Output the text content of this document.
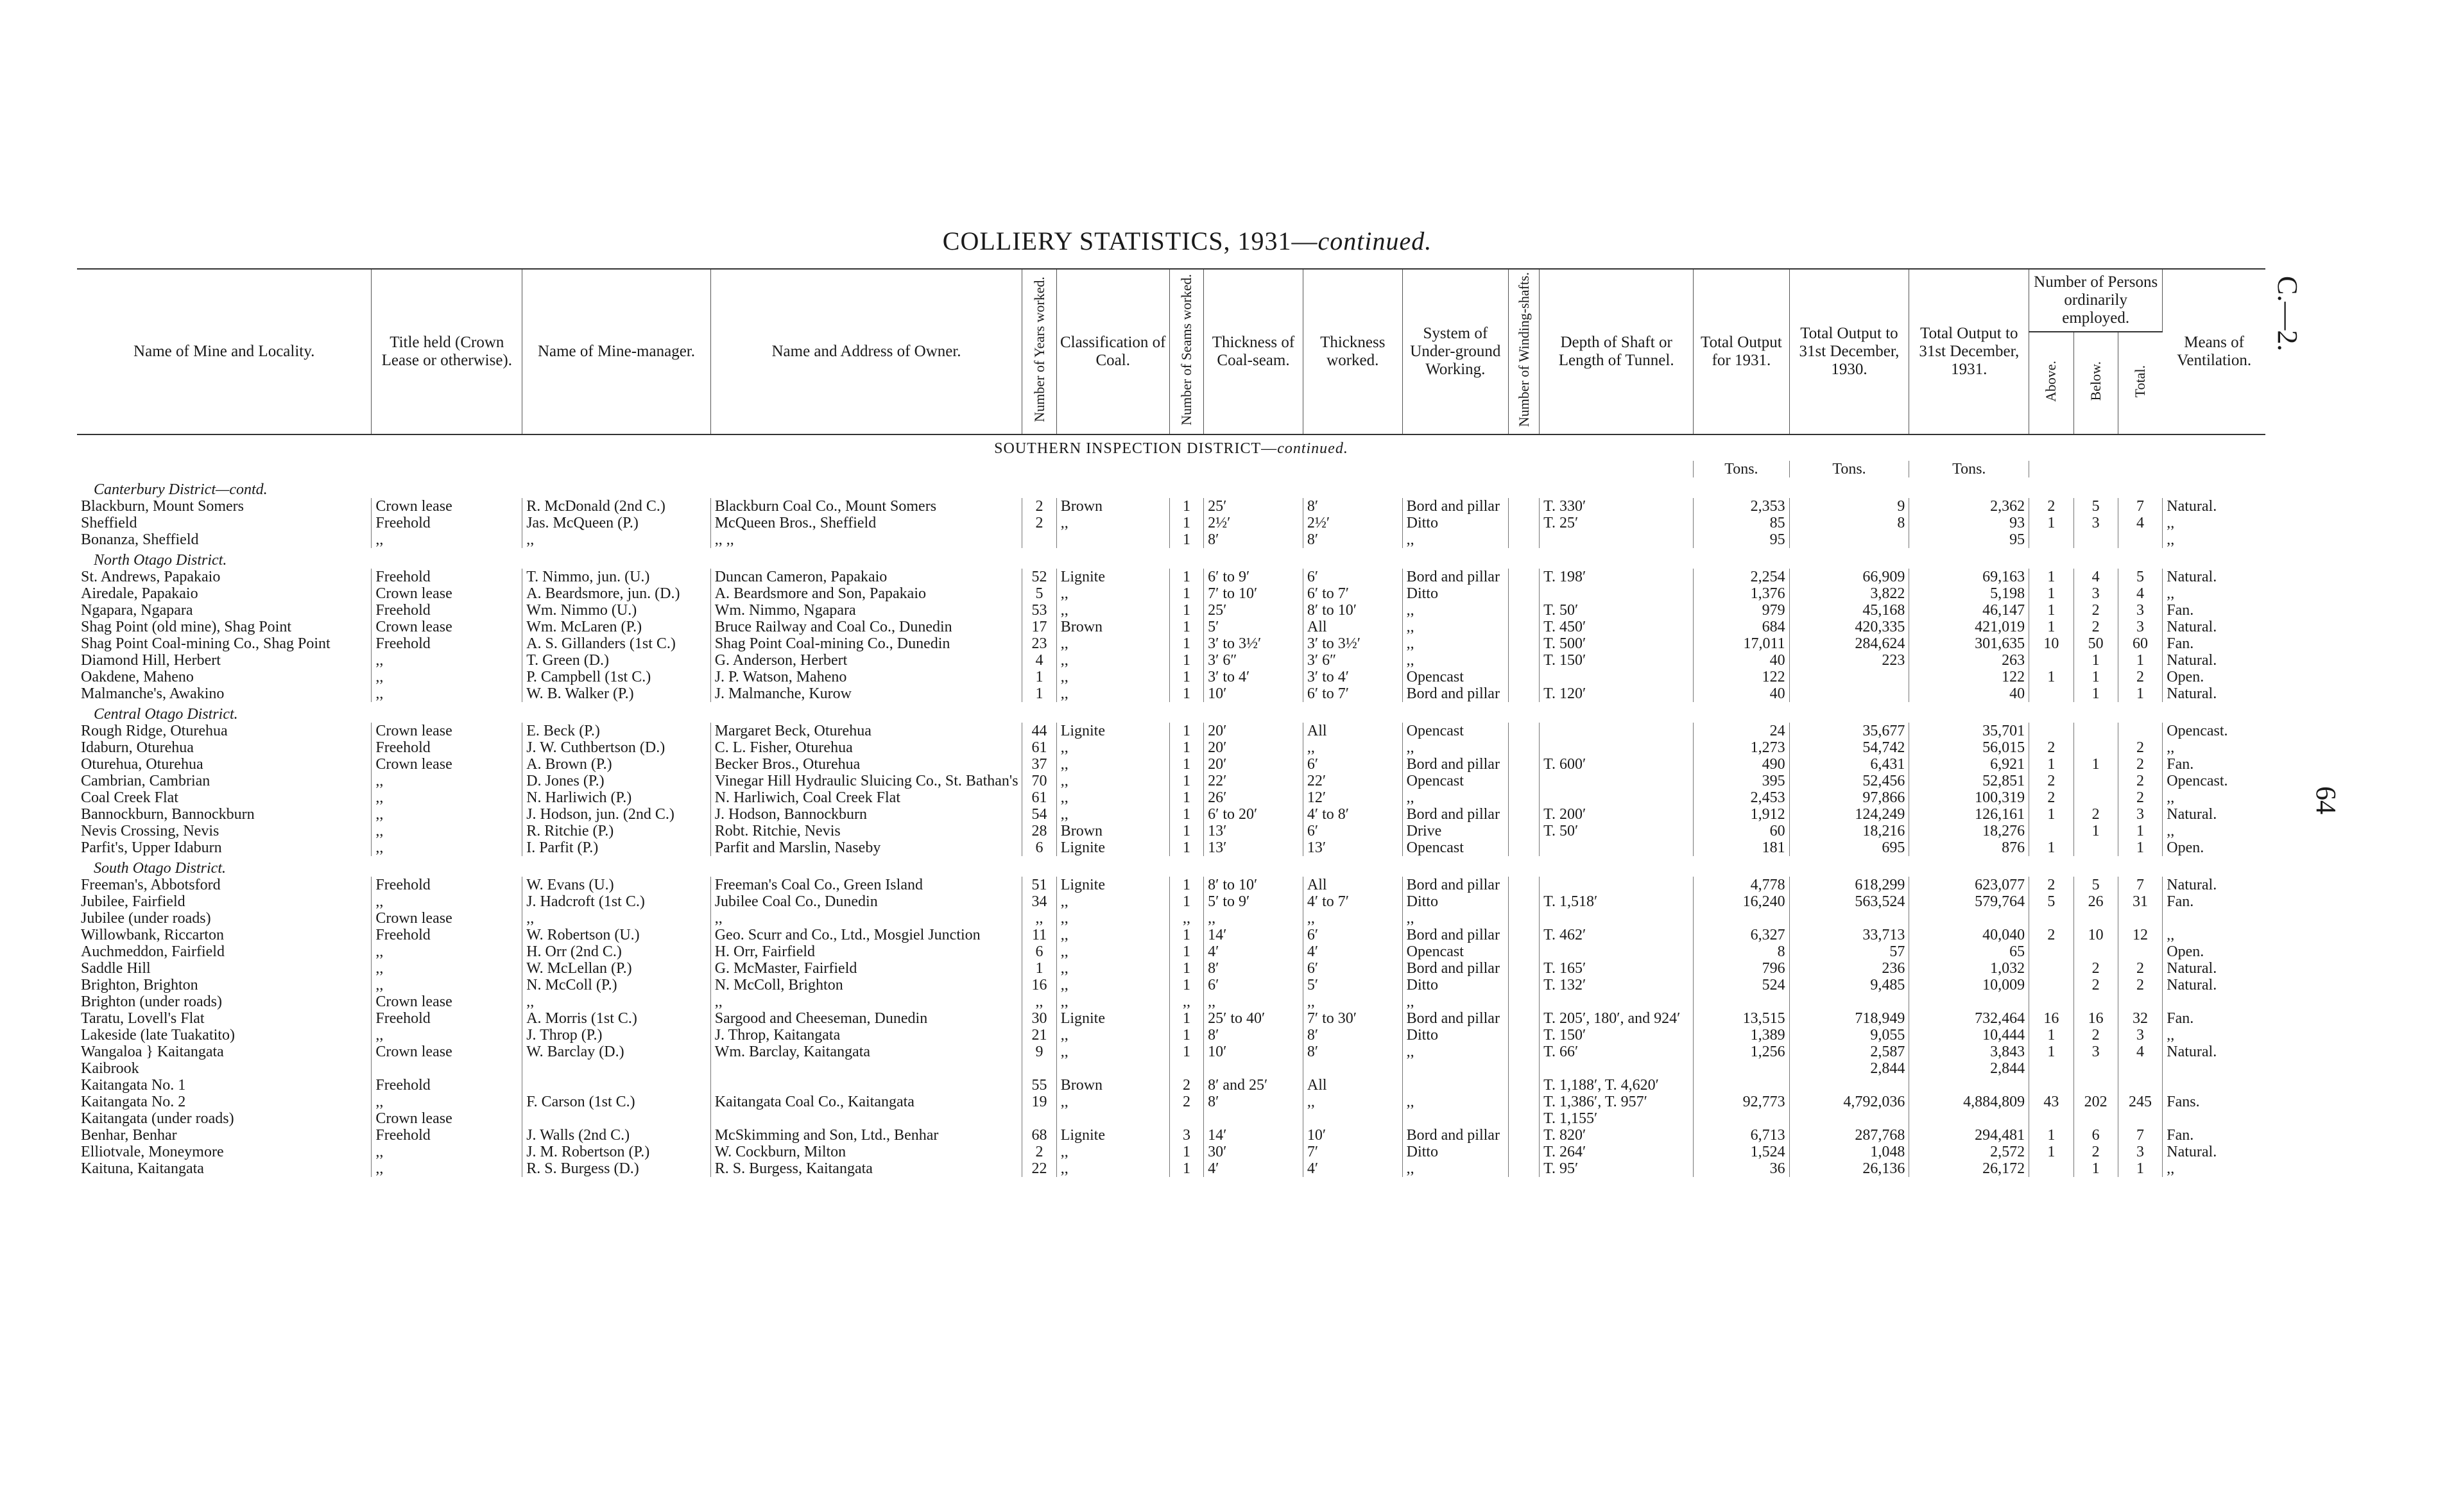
COLLIERY STATISTICS, 1931—continued.
C.—2.
64
Name of Mine and Locality.	Title held (Crown Lease or otherwise).	Name of Mine-manager.	Name and Address of Owner.	Number of Years worked.	Classification of Coal.	Number of Seams worked.	Thickness of Coal-seam.	Thickness worked.	System of Under-ground Working.	Number of Winding-shafts.	Depth of Shaft or Length of Tunnel.	Total Output for 1931.	Total Output to 31st December, 1930.	Total Output to 31st December, 1931.	Number of Persons ordinarily employed.			Means of Ventilation.
															Above.	Below.	Total.	
SOUTHERN INSPECTION DISTRICT—continued.																		
												Tons.	Tons.	Tons.				
Canterbury District—contd.																		
Blackburn, Mount Somers	Crown lease	R. McDonald (2nd C.)	Blackburn Coal Co., Mount Somers	2	Brown	1	25′	8′	Bord and pillar		T. 330′	2,353	9	2,362	2	5	7	Natural.
Sheffield	Freehold	Jas. McQueen (P.)	McQueen Bros., Sheffield	2	,,	1	2½′	2½′	Ditto		T. 25′	85	8	93	1	3	4	,,
Bonanza, Sheffield	,,	,,	,, ,,			1	8′	8′	,,			95		95				,,
North Otago District.																		
St. Andrews, Papakaio	Freehold	T. Nimmo, jun. (U.)	Duncan Cameron, Papakaio	52	Lignite	1	6′ to 9′	6′	Bord and pillar		T. 198′	2,254	66,909	69,163	1	4	5	Natural.
Airedale, Papakaio	Crown lease	A. Beardsmore, jun. (D.)	A. Beardsmore and Son, Papakaio	5	,,	1	7′ to 10′	6′ to 7′	Ditto			1,376	3,822	5,198	1	3	4	,,
Ngapara, Ngapara	Freehold	Wm. Nimmo (U.)	Wm. Nimmo, Ngapara	53	,,	1	25′	8′ to 10′	,,		T. 50′	979	45,168	46,147	1	2	3	Fan.
Shag Point (old mine), Shag Point	Crown lease	Wm. McLaren (P.)	Bruce Railway and Coal Co., Dunedin	17	Brown	1	5′	All	,,		T. 450′	684	420,335	421,019	1	2	3	Natural.
Shag Point Coal-mining Co., Shag Point	Freehold	A. S. Gillanders (1st C.)	Shag Point Coal-mining Co., Dunedin	23	,,	1	3′ to 3½′	3′ to 3½′	,,		T. 500′	17,011	284,624	301,635	10	50	60	Fan.
Diamond Hill, Herbert	,,	T. Green (D.)	G. Anderson, Herbert	4	,,	1	3′ 6″	3′ 6″	,,		T. 150′	40	223	263		1	1	Natural.
Oakdene, Maheno	,,	P. Campbell (1st C.)	J. P. Watson, Maheno	1	,,	1	3′ to 4′	3′ to 4′	Opencast			122		122	1	1	2	Open.
Malmanche's, Awakino	,,	W. B. Walker (P.)	J. Malmanche, Kurow	1	,,	1	10′	6′ to 7′	Bord and pillar		T. 120′	40		40		1	1	Natural.
Central Otago District.																		
Rough Ridge, Oturehua	Crown lease	E. Beck (P.)	Margaret Beck, Oturehua	44	Lignite	1	20′	All	Opencast			24	35,677	35,701				Opencast.
Idaburn, Oturehua	Freehold	J. W. Cuthbertson (D.)	C. L. Fisher, Oturehua	61	,,	1	20′	,,	,,			1,273	54,742	56,015	2		2	,,
Oturehua, Oturehua	Crown lease	A. Brown (P.)	Becker Bros., Oturehua	37	,,	1	20′	6′	Bord and pillar		T. 600′	490	6,431	6,921	1	1	2	Fan.
Cambrian, Cambrian	,,	D. Jones (P.)	Vinegar Hill Hydraulic Sluicing Co., St. Bathan's	70	,,	1	22′	22′	Opencast			395	52,456	52,851	2		2	Opencast.
Coal Creek Flat	,,	N. Harliwich (P.)	N. Harliwich, Coal Creek Flat	61	,,	1	26′	12′	,,			2,453	97,866	100,319	2		2	,,
Bannockburn, Bannockburn	,,	J. Hodson, jun. (2nd C.)	J. Hodson, Bannockburn	54	,,	1	6′ to 20′	4′ to 8′	Bord and pillar		T. 200′	1,912	124,249	126,161	1	2	3	Natural.
Nevis Crossing, Nevis	,,	R. Ritchie (P.)	Robt. Ritchie, Nevis	28	Brown	1	13′	6′	Drive		T. 50′	60	18,216	18,276		1	1	,,
Parfit's, Upper Idaburn	,,	I. Parfit (P.)	Parfit and Marslin, Naseby	6	Lignite	1	13′	13′	Opencast			181	695	876	1		1	Open.
South Otago District.																		
Freeman's, Abbotsford	Freehold	W. Evans (U.)	Freeman's Coal Co., Green Island	51	Lignite	1	8′ to 10′	All	Bord and pillar			4,778	618,299	623,077	2	5	7	Natural.
Jubilee, Fairfield	,,	J. Hadcroft (1st C.)	Jubilee Coal Co., Dunedin	34	,,	1	5′ to 9′	4′ to 7′	Ditto		T. 1,518′	16,240	563,524	579,764	5	26	31	Fan.
Jubilee (under roads)	Crown lease	,,	,,	,,	,,	,,	,,	,,	,,									
Willowbank, Riccarton	Freehold	W. Robertson (U.)	Geo. Scurr and Co., Ltd., Mosgiel Junction	11	,,	1	14′	6′	Bord and pillar		T. 462′	6,327	33,713	40,040	2	10	12	,,
Auchmeddon, Fairfield	,,	H. Orr (2nd C.)	H. Orr, Fairfield	6	,,	1	4′	4′	Opencast			8	57	65				Open.
Saddle Hill	,,	W. McLellan (P.)	G. McMaster, Fairfield	1	,,	1	8′	6′	Bord and pillar		T. 165′	796	236	1,032		2	2	Natural.
Brighton, Brighton	,,	N. McColl (P.)	N. McColl, Brighton	16	,,	1	6′	5′	Ditto		T. 132′	524	9,485	10,009		2	2	Natural.
Brighton (under roads)	Crown lease	,,	,,	,,	,,	,,	,,	,,	,,									
Taratu, Lovell's Flat	Freehold	A. Morris (1st C.)	Sargood and Cheeseman, Dunedin	30	Lignite	1	25′ to 40′	7′ to 30′	Bord and pillar		T. 205′, 180′, and 924′	13,515	718,949	732,464	16	16	32	Fan.
Lakeside (late Tuakatito)	,,	J. Throp (P.)	J. Throp, Kaitangata	21	,,	1	8′	8′	Ditto		T. 150′	1,389	9,055	10,444	1	2	3	,,
Wangaloa } Kaitangata	Crown lease	W. Barclay (D.)	Wm. Barclay, Kaitangata	9	,,	1	10′	8′	,,		T. 66′	1,256	2,587	3,843	1	3	4	Natural.
Kaibrook													2,844	2,844				
Kaitangata No. 1	Freehold			55	Brown	2	8′ and 25′	All			T. 1,188′, T. 4,620′							
Kaitangata No. 2	,,	F. Carson (1st C.)	Kaitangata Coal Co., Kaitangata	19	,,	2	8′	,,	,,		T. 1,386′, T. 957′	92,773	4,792,036	4,884,809	43	202	245	Fans.
Kaitangata (under roads)	Crown lease										T. 1,155′							
Benhar, Benhar	Freehold	J. Walls (2nd C.)	McSkimming and Son, Ltd., Benhar	68	Lignite	3	14′	10′	Bord and pillar		T. 820′	6,713	287,768	294,481	1	6	7	Fan.
Elliotvale, Moneymore	,,	J. M. Robertson (P.)	W. Cockburn, Milton	2	,,	1	30′	7′	Ditto		T. 264′	1,524	1,048	2,572	1	2	3	Natural.
Kaituna, Kaitangata	,,	R. S. Burgess (D.)	R. S. Burgess, Kaitangata	22	,,	1	4′	4′	,,		T. 95′	36	26,136	26,172		1	1	,,
